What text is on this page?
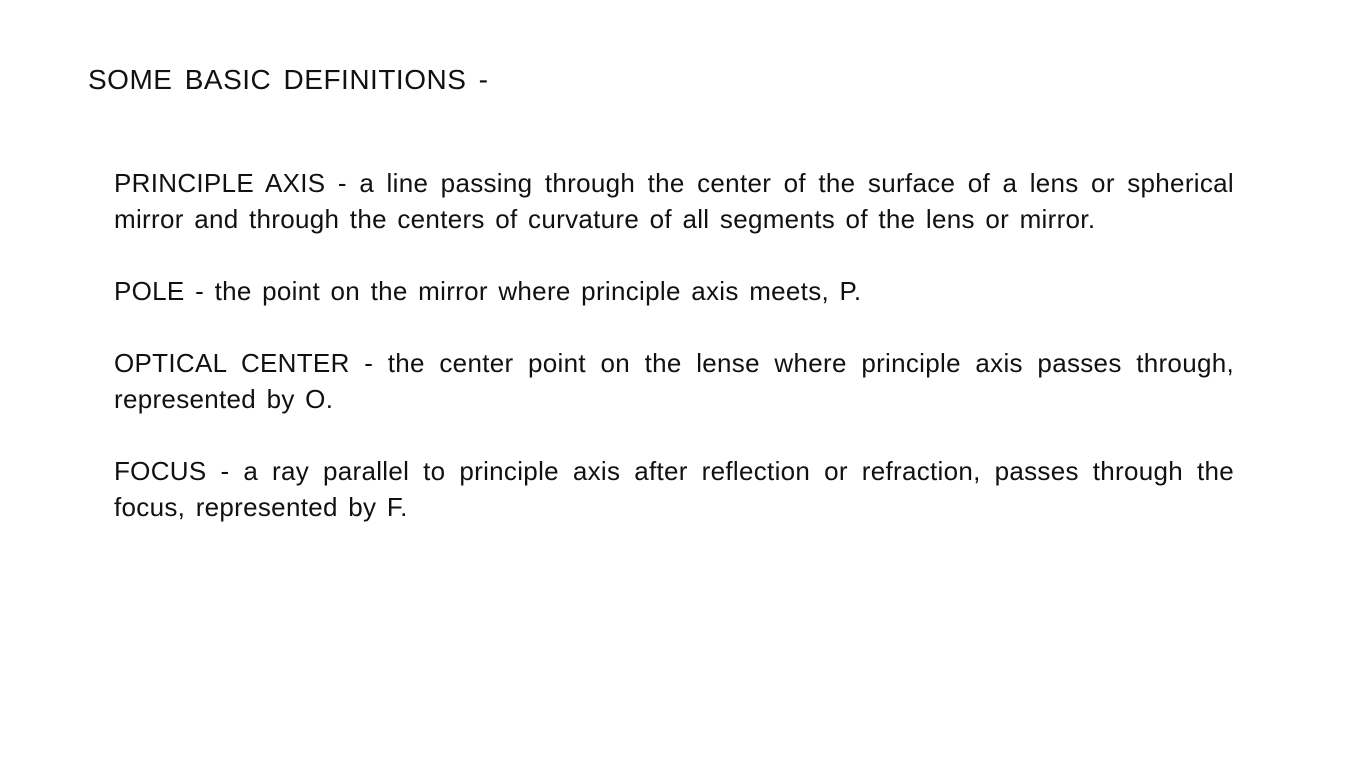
SOME BASIC DEFINITIONS -

PRINCIPLE AXIS - a line passing through the center of the surface of a lens or spherical mirror and through the centers of curvature of all segments of the lens or mirror.

POLE - the point on the mirror where principle axis meets, P.

OPTICAL CENTER - the center point on the lense where principle axis passes through, represented by O.

FOCUS - a ray parallel to principle axis after reflection or refraction, passes through the focus, represented by F.
